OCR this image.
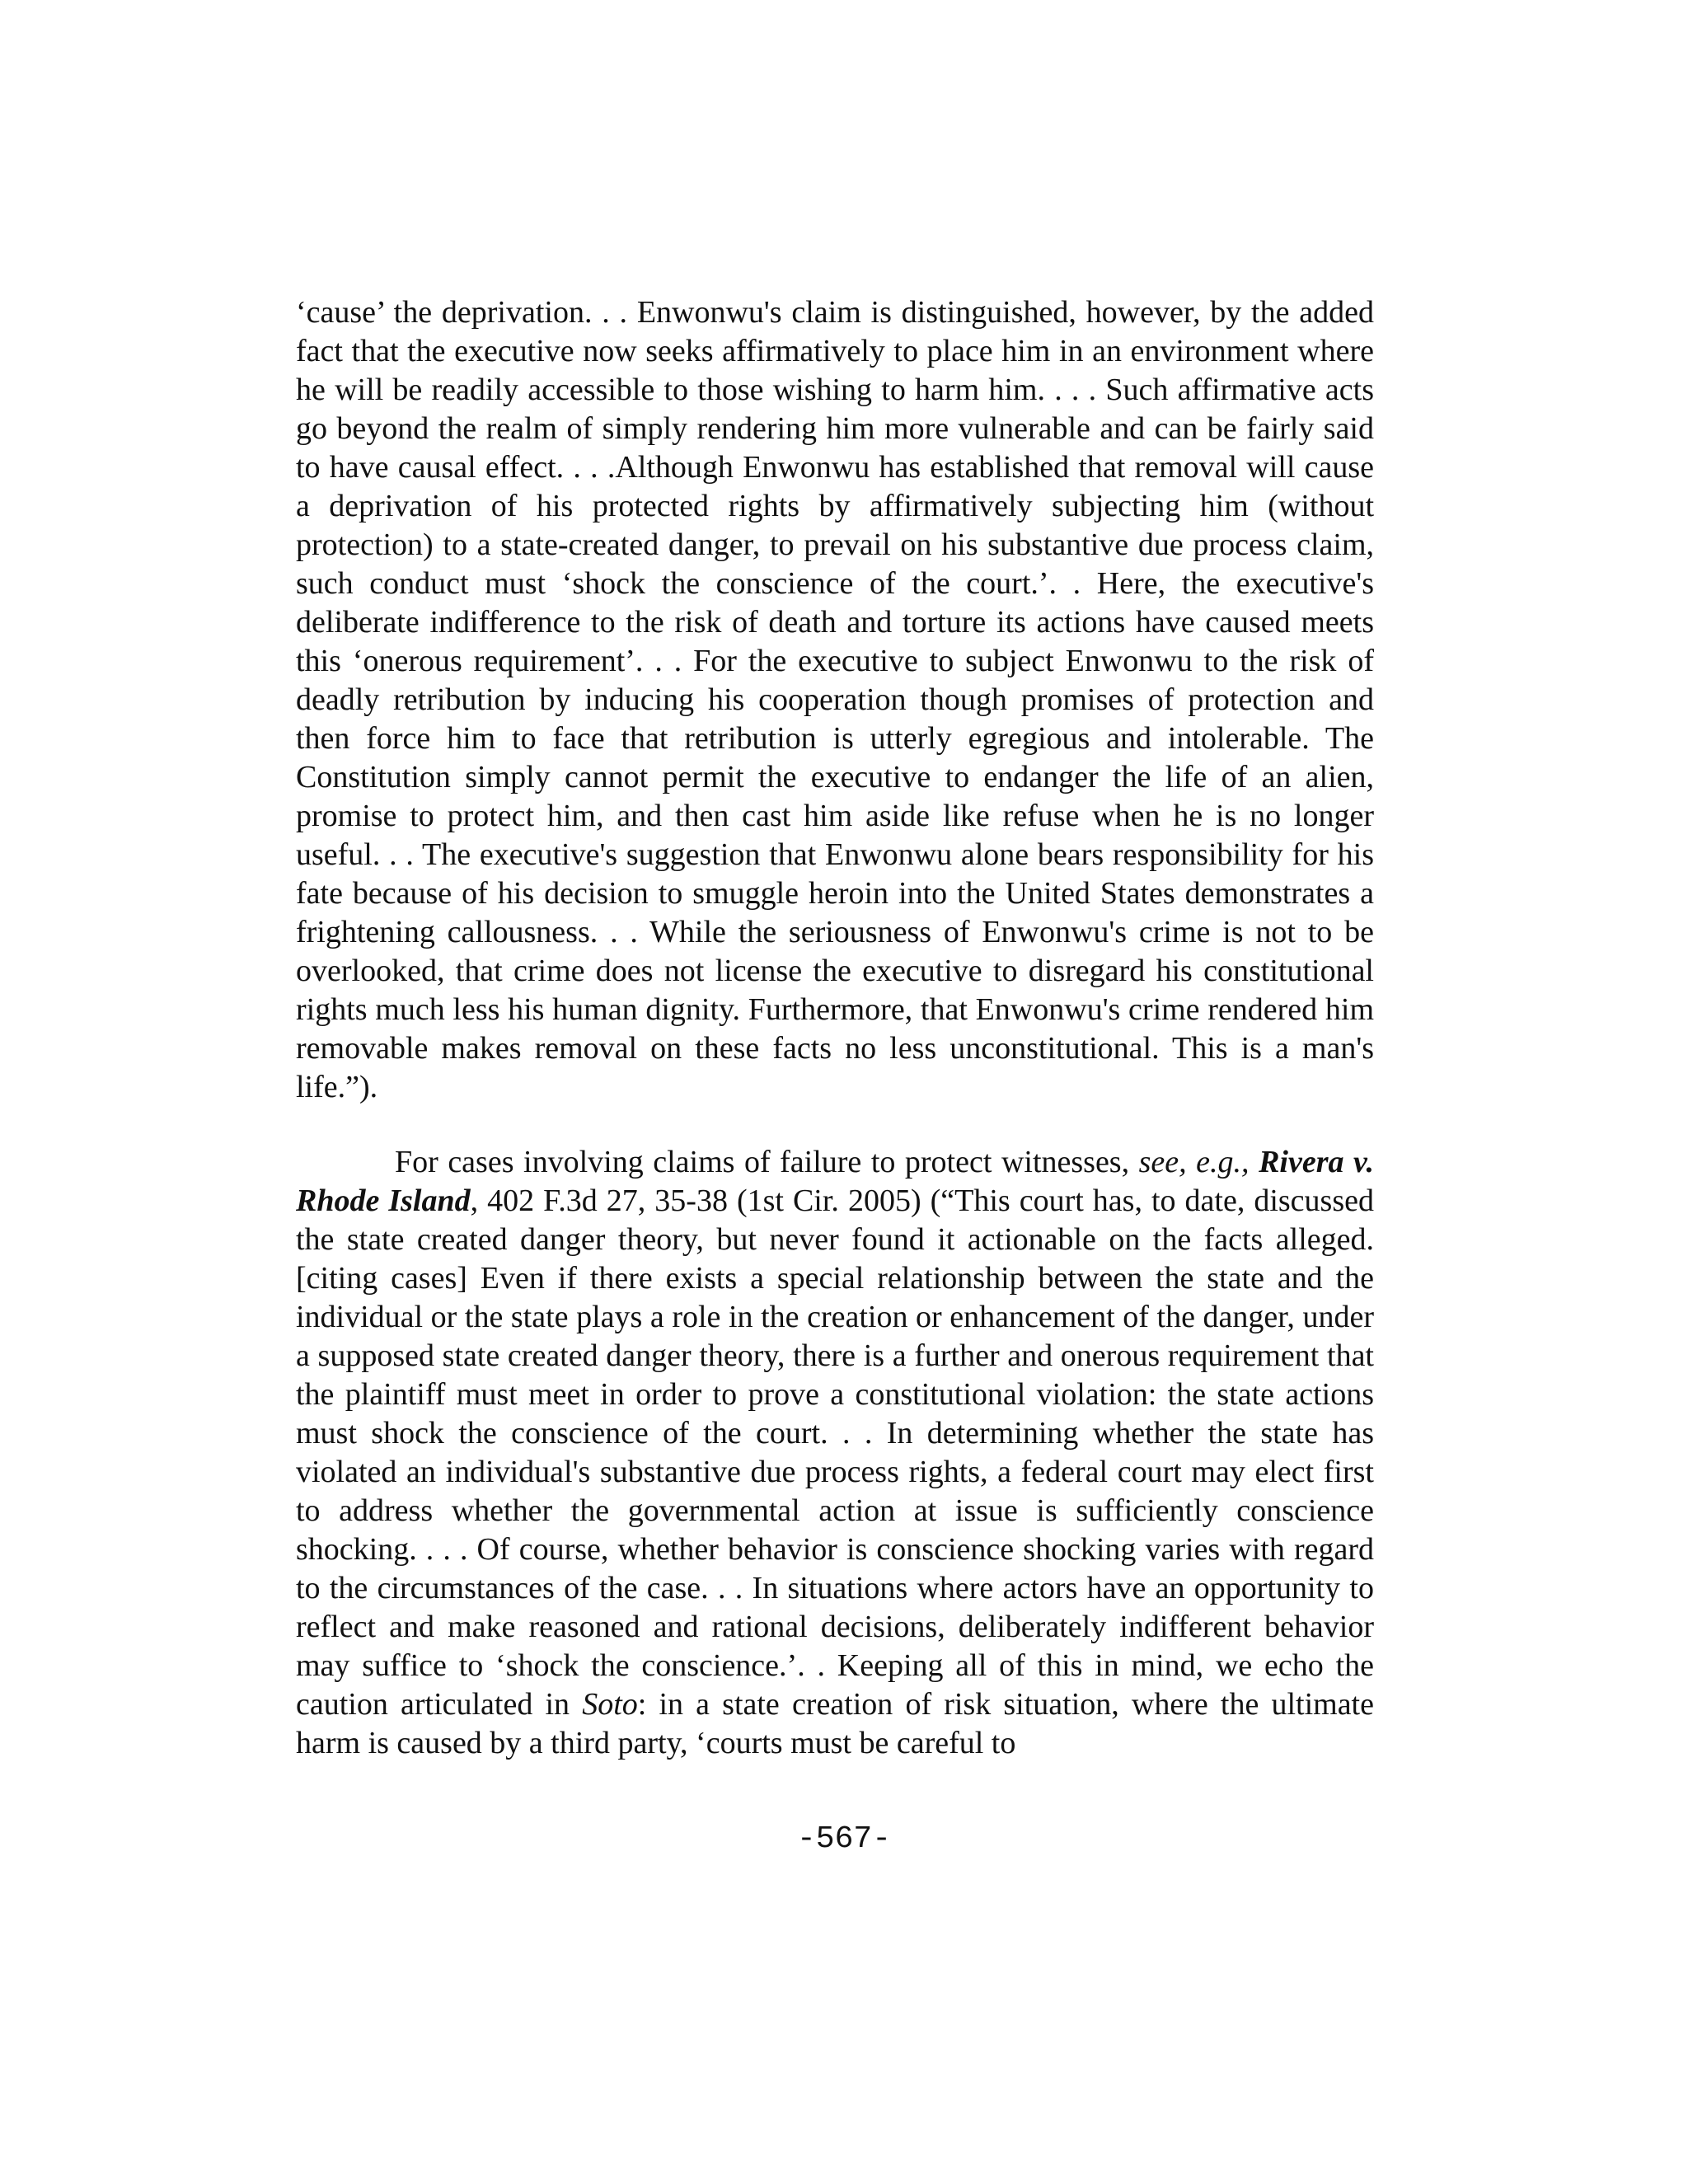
‘cause’ the deprivation. . . Enwonwu's claim is distinguished, however, by the added fact that the executive now seeks affirmatively to place him in an environment where he will be readily accessible to those wishing to harm him. . . . Such affirmative acts go beyond the realm of simply rendering him more vulnerable and can be fairly said to have causal effect. . . .Although Enwonwu has established that removal will cause a deprivation of his protected rights by affirmatively subjecting him (without protection) to a state-created danger, to prevail on his substantive due process claim, such conduct must ‘shock the conscience of the court.’. . Here, the executive's deliberate indifference to the risk of death and torture its actions have caused meets this ‘onerous requirement’. . . For the executive to subject Enwonwu to the risk of deadly retribution by inducing his cooperation though promises of protection and then force him to face that retribution is utterly egregious and intolerable. The Constitution simply cannot permit the executive to endanger the life of an alien, promise to protect him, and then cast him aside like refuse when he is no longer useful. . . The executive's suggestion that Enwonwu alone bears responsibility for his fate because of his decision to smuggle heroin into the United States demonstrates a frightening callousness. . . While the seriousness of Enwonwu's crime is not to be overlooked, that crime does not license the executive to disregard his constitutional rights much less his human dignity. Furthermore, that Enwonwu's crime rendered him removable makes removal on these facts no less unconstitutional. This is a man's life.”).
For cases involving claims of failure to protect witnesses, see, e.g., Rivera v. Rhode Island, 402 F.3d 27, 35-38 (1st Cir. 2005) (“This court has, to date, discussed the state created danger theory, but never found it actionable on the facts alleged. [citing cases] Even if there exists a special relationship between the state and the individual or the state plays a role in the creation or enhancement of the danger, under a supposed state created danger theory, there is a further and onerous requirement that the plaintiff must meet in order to prove a constitutional violation: the state actions must shock the conscience of the court. . . In determining whether the state has violated an individual's substantive due process rights, a federal court may elect first to address whether the governmental action at issue is sufficiently conscience shocking. . . . Of course, whether behavior is conscience shocking varies with regard to the circumstances of the case. . . In situations where actors have an opportunity to reflect and make reasoned and rational decisions, deliberately indifferent behavior may suffice to ‘shock the conscience.’. . Keeping all of this in mind, we echo the caution articulated in Soto: in a state creation of risk situation, where the ultimate harm is caused by a third party, ‘courts must be careful to
-567-
